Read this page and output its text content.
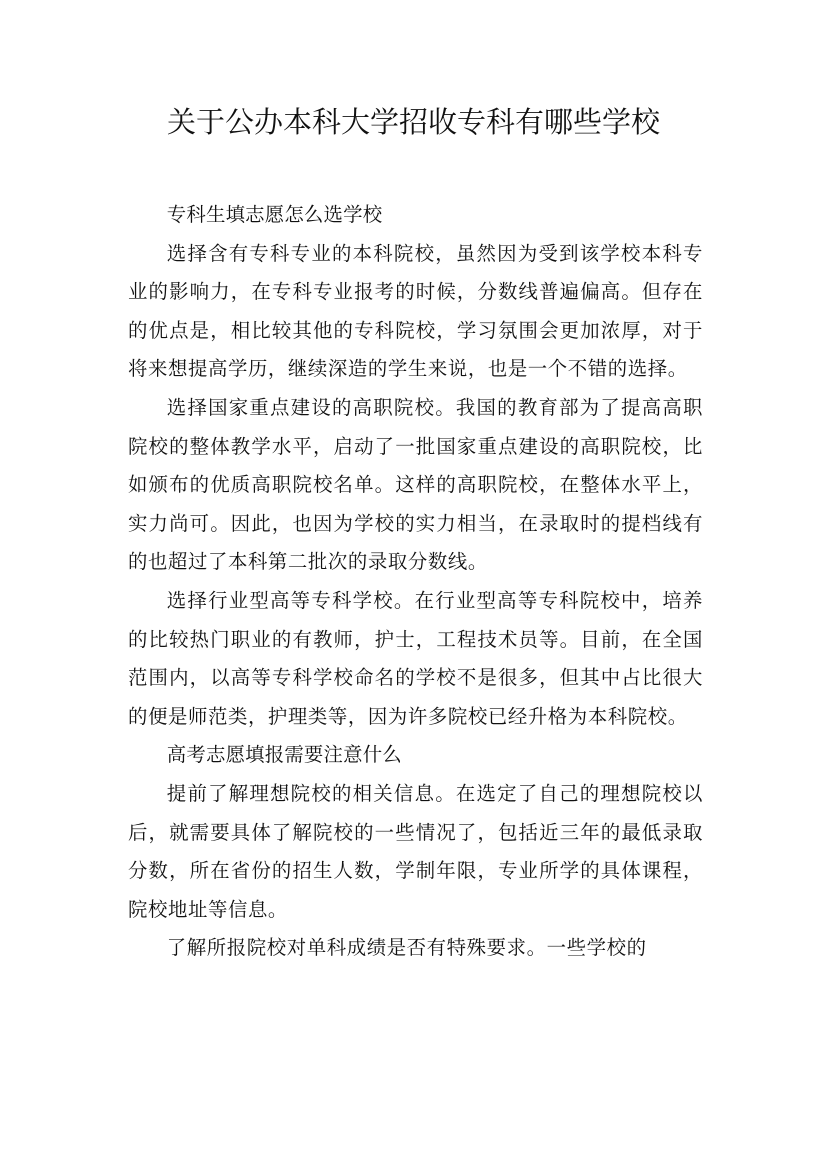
关于公办本科大学招收专科有哪些学校

专科生填志愿怎么选学校

选择含有专科专业的本科院校，虽然因为受到该学校本科专业的影响力，在专科专业报考的时候，分数线普遍偏高。但存在的优点是，相比较其他的专科院校，学习氛围会更加浓厚，对于将来想提高学历，继续深造的学生来说，也是一个不错的选择。

选择国家重点建设的高职院校。我国的教育部为了提高高职院校的整体教学水平，启动了一批国家重点建设的高职院校，比如颁布的优质高职院校名单。这样的高职院校，在整体水平上，实力尚可。因此，也因为学校的实力相当，在录取时的提档线有的也超过了本科第二批次的录取分数线。

选择行业型高等专科学校。在行业型高等专科院校中，培养的比较热门职业的有教师，护士，工程技术员等。目前，在全国范围内，以高等专科学校命名的学校不是很多，但其中占比很大的便是师范类，护理类等，因为许多院校已经升格为本科院校。

高考志愿填报需要注意什么

提前了解理想院校的相关信息。在选定了自己的理想院校以后，就需要具体了解院校的一些情况了，包括近三年的最低录取分数，所在省份的招生人数，学制年限，专业所学的具体课程，院校地址等信息。

了解所报院校对单科成绩是否有特殊要求。一些学校的
